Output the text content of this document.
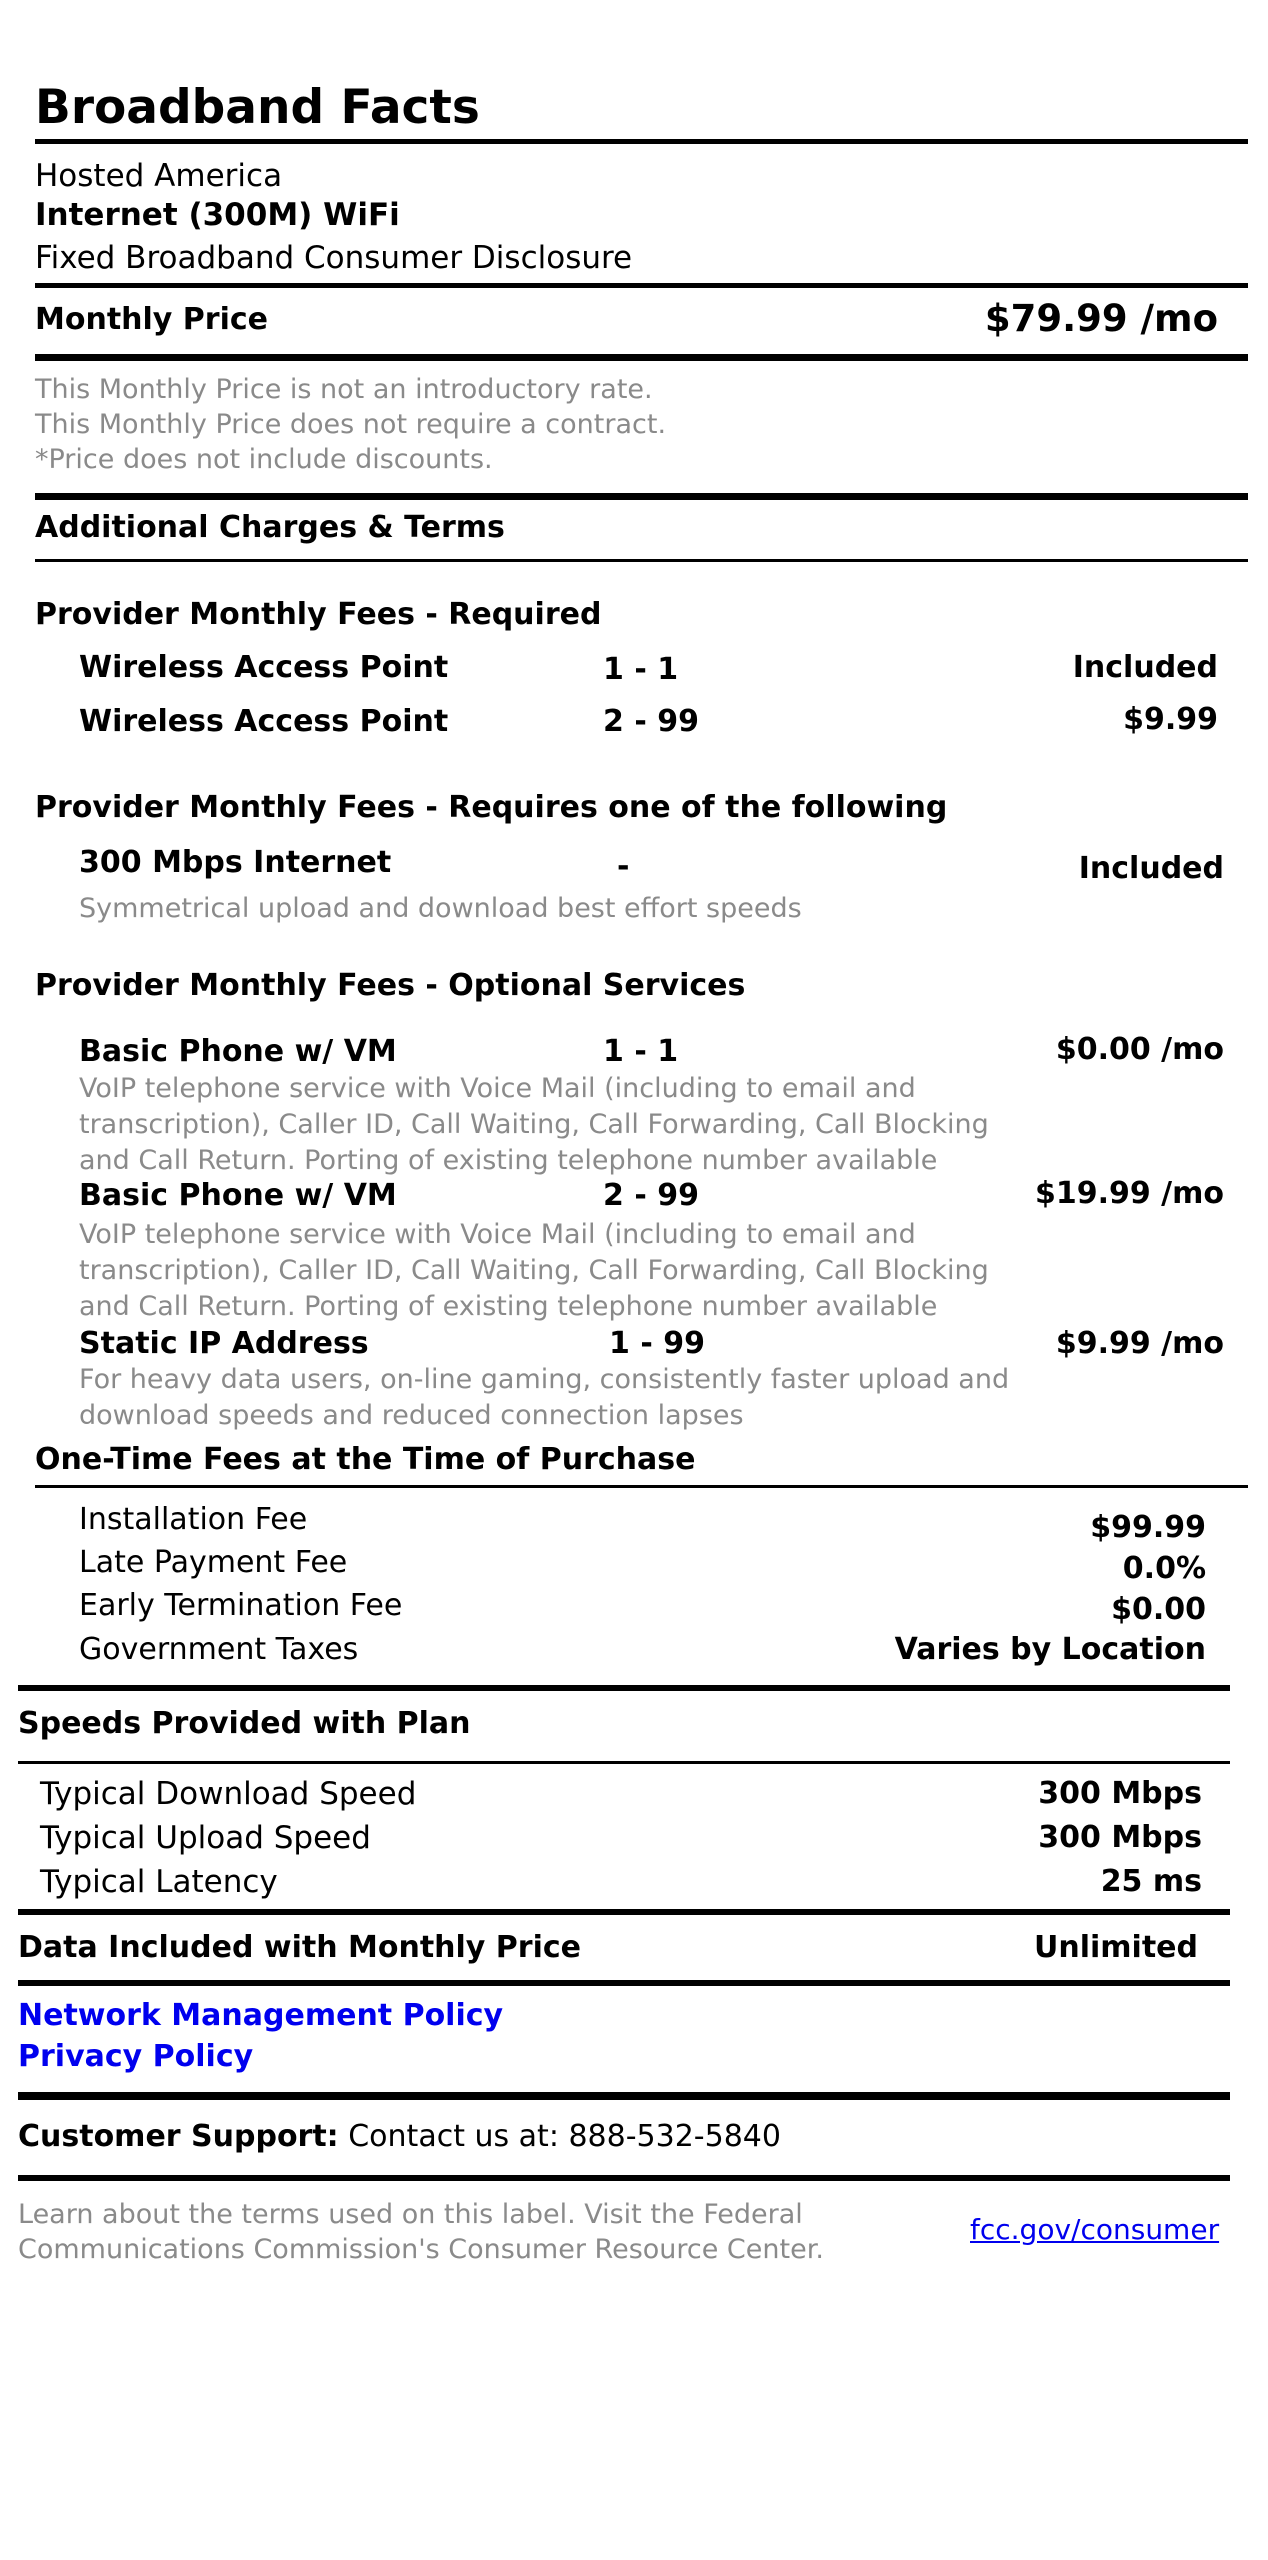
Broadband Facts
Hosted America
Internet (300M) WiFi
Fixed Broadband Consumer Disclosure
Monthly Price	$79.99 /mo
This Monthly Price is not an introductory rate.
This Monthly Price does not require a contract.
*Price does not include discounts.
Additional Charges & Terms
Provider Monthly Fees - Required
Wireless Access Point	1 - 1	Included
Wireless Access Point	2 - 99	$9.99
Provider Monthly Fees - Requires one of the following
300 Mbps Internet	-	Included
Symmetrical upload and download best effort speeds
Provider Monthly Fees - Optional Services
Basic Phone w/ VM	1 - 1	$0.00 /mo
VoIP telephone service with Voice Mail (including to email and transcription), Caller ID, Call Waiting, Call Forwarding, Call Blocking and Call Return. Porting of existing telephone number available
Basic Phone w/ VM	2 - 99	$19.99 /mo
VoIP telephone service with Voice Mail (including to email and transcription), Caller ID, Call Waiting, Call Forwarding, Call Blocking and Call Return. Porting of existing telephone number available
Static IP Address	1 - 99	$9.99 /mo
For heavy data users, on-line gaming, consistently faster upload and download speeds and reduced connection lapses
One-Time Fees at the Time of Purchase
Installation Fee	$99.99
Late Payment Fee	0.0%
Early Termination Fee	$0.00
Government Taxes	Varies by Location
Speeds Provided with Plan
Typical Download Speed	300 Mbps
Typical Upload Speed	300 Mbps
Typical Latency	25 ms
Data Included with Monthly Price	Unlimited
Network Management Policy
Privacy Policy
Customer Support: Contact us at: 888-532-5840
Learn about the terms used on this label. Visit the Federal
Communications Commission's Consumer Resource Center.
fcc.gov/consumer
